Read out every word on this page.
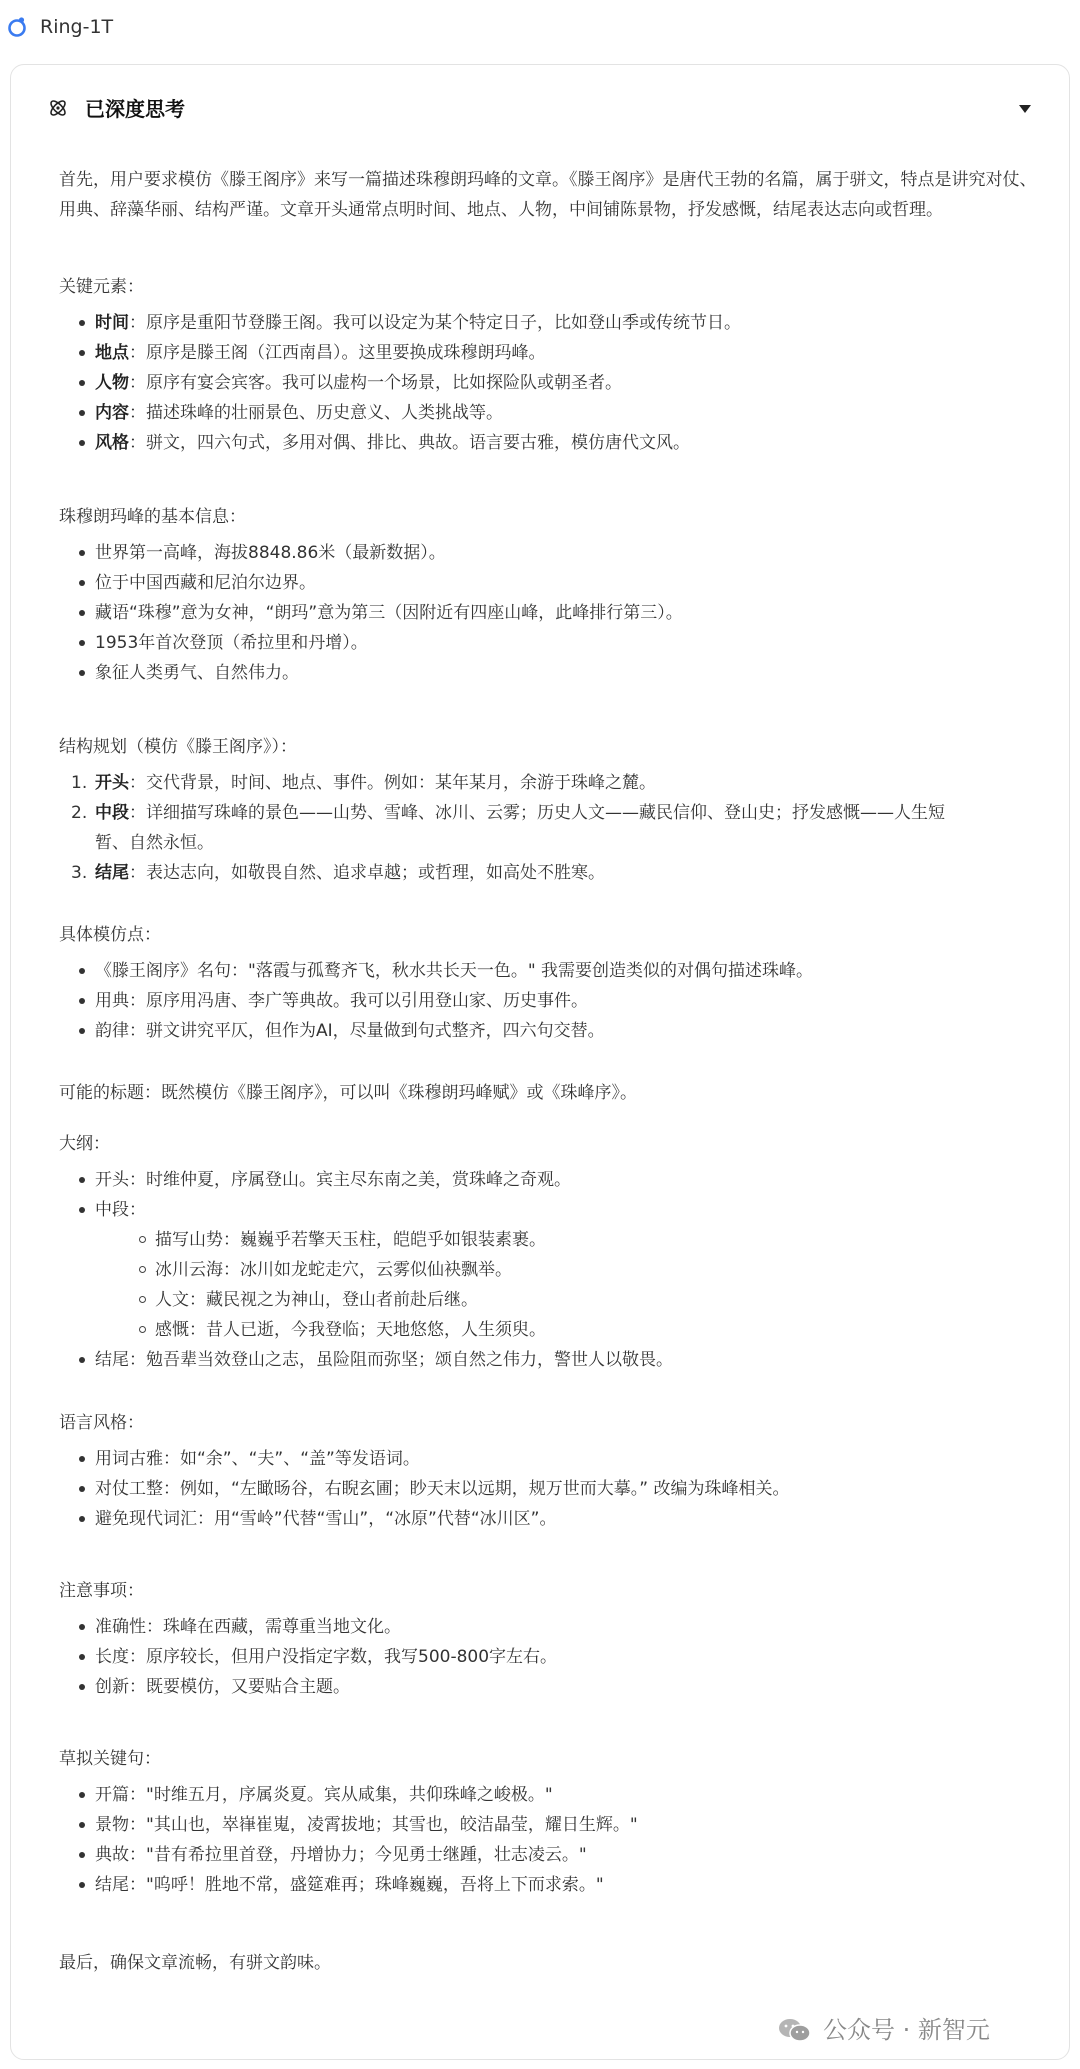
Ring-1T
已深度思考
首先，用户要求模仿《滕王阁序》来写一篇描述珠穆朗玛峰的文章。《滕王阁序》是唐代王勃的名篇，属于骈文，特点是讲究对仗、用典、辞藻华丽、结构严谨。文章开头通常点明时间、地点、人物，中间铺陈景物，抒发感慨，结尾表达志向或哲理。
关键元素：
时间：原序是重阳节登滕王阁。我可以设定为某个特定日子，比如登山季或传统节日。
地点：原序是滕王阁（江西南昌）。这里要换成珠穆朗玛峰。
人物：原序有宴会宾客。我可以虚构一个场景，比如探险队或朝圣者。
内容：描述珠峰的壮丽景色、历史意义、人类挑战等。
风格：骈文，四六句式，多用对偶、排比、典故。语言要古雅，模仿唐代文风。
珠穆朗玛峰的基本信息：
世界第一高峰，海拔8848.86米（最新数据）。
位于中国西藏和尼泊尔边界。
藏语“珠穆”意为女神，“朗玛”意为第三（因附近有四座山峰，此峰排行第三）。
1953年首次登顶（希拉里和丹增）。
象征人类勇气、自然伟力。
结构规划（模仿《滕王阁序》）：
1. 开头：交代背景，时间、地点、事件。例如：某年某月，余游于珠峰之麓。
2. 中段：详细描写珠峰的景色——山势、雪峰、冰川、云雾；历史人文——藏民信仰、登山史；抒发感慨——人生短
暂、自然永恒。
3. 结尾：表达志向，如敬畏自然、追求卓越；或哲理，如高处不胜寒。
具体模仿点：
《滕王阁序》名句："落霞与孤鹜齐飞，秋水共长天一色。" 我需要创造类似的对偶句描述珠峰。
用典：原序用冯唐、李广等典故。我可以引用登山家、历史事件。
韵律：骈文讲究平仄，但作为AI，尽量做到句式整齐，四六句交替。
可能的标题：既然模仿《滕王阁序》，可以叫《珠穆朗玛峰赋》或《珠峰序》。
大纲：
开头：时维仲夏，序属登山。宾主尽东南之美，赏珠峰之奇观。
中段：
描写山势：巍巍乎若擎天玉柱，皑皑乎如银装素裹。
冰川云海：冰川如龙蛇走穴，云雾似仙袂飘举。
人文：藏民视之为神山，登山者前赴后继。
感慨：昔人已逝，今我登临；天地悠悠，人生须臾。
结尾：勉吾辈当效登山之志，虽险阻而弥坚；颂自然之伟力，警世人以敬畏。
语言风格：
用词古雅：如“余”、“夫”、“盖”等发语词。
对仗工整：例如，“左瞰旸谷，右睨玄圃；眇天末以远期，规万世而大摹。” 改编为珠峰相关。
避免现代词汇：用“雪岭”代替“雪山”，“冰原”代替“冰川区”。
注意事项：
准确性：珠峰在西藏，需尊重当地文化。
长度：原序较长，但用户没指定字数，我写500-800字左右。
创新：既要模仿，又要贴合主题。
草拟关键句：
开篇："时维五月，序属炎夏。宾从咸集，共仰珠峰之峻极。"
景物："其山也，崒嵂崔嵬，凌霄拔地；其雪也，皎洁晶莹，耀日生辉。"
典故："昔有希拉里首登，丹增协力；今见勇士继踵，壮志凌云。"
结尾："呜呼！胜地不常，盛筵难再；珠峰巍巍，吾将上下而求索。"
最后，确保文章流畅，有骈文韵味。
公众号 · 新智元
